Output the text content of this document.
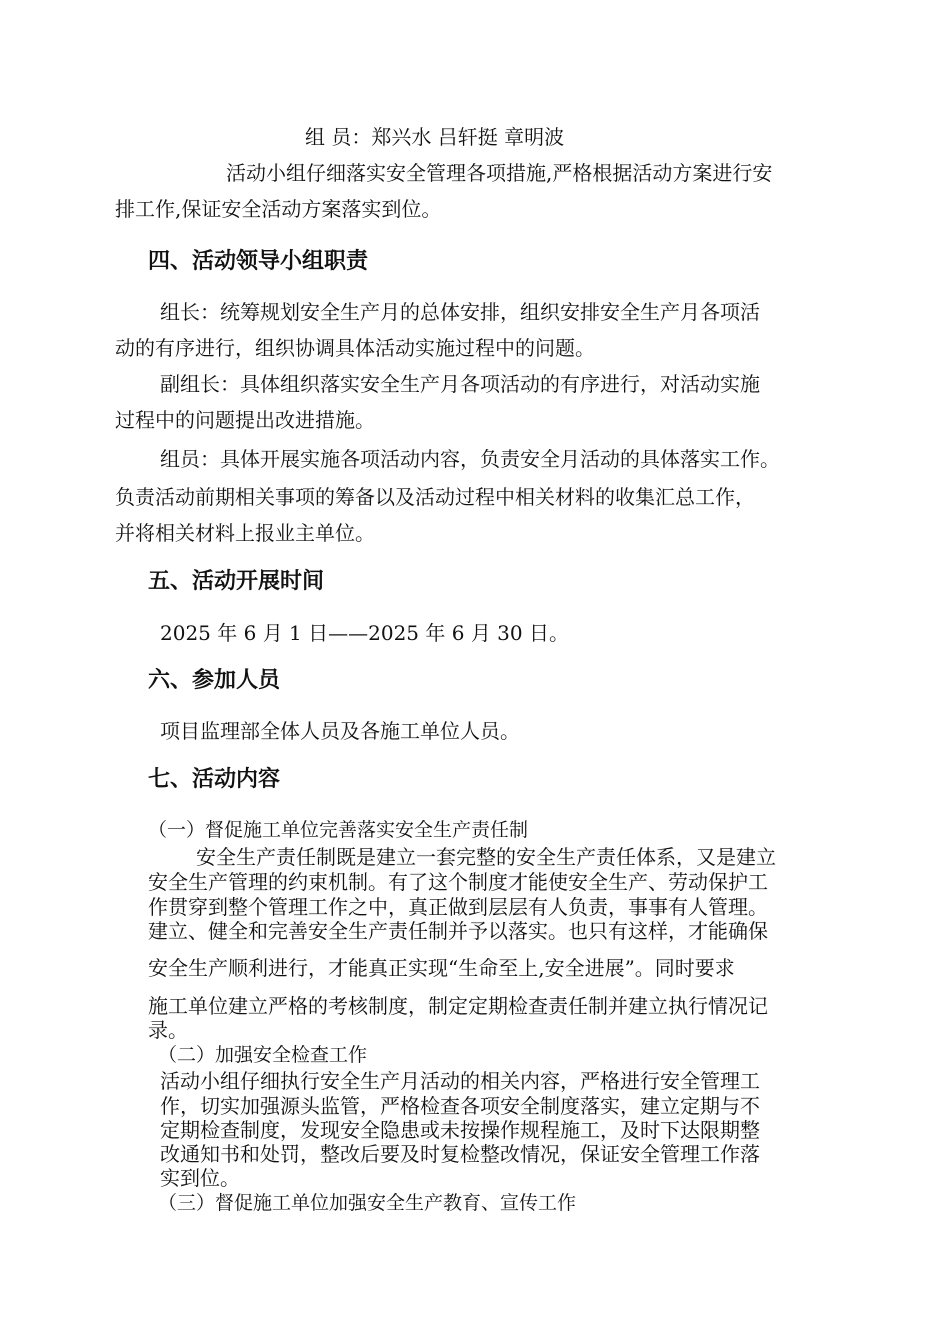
组 员：郑兴水 吕轩挺 章明波
活动小组仔细落实安全管理各项措施,严格根据活动方案进行安
排工作,保证安全活动方案落实到位。
四、活动领导小组职责
组长：统筹规划安全生产月的总体安排，组织安排安全生产月各项活
动的有序进行，组织协调具体活动实施过程中的问题。
副组长：具体组织落实安全生产月各项活动的有序进行，对活动实施
过程中的问题提出改进措施。
组员：具体开展实施各项活动内容，负责安全月活动的具体落实工作。
负责活动前期相关事项的筹备以及活动过程中相关材料的收集汇总工作，
并将相关材料上报业主单位。
五、活动开展时间
2025 年 6 月 1 日——2025 年 6 月 30 日。
六、参加人员
项目监理部全体人员及各施工单位人员。
七、活动内容
（一）督促施工单位完善落实安全生产责任制
安全生产责任制既是建立一套完整的安全生产责任体系，又是建立
安全生产管理的约束机制。有了这个制度才能使安全生产、劳动保护工
作贯穿到整个管理工作之中，真正做到层层有人负责，事事有人管理。
建立、健全和完善安全生产责任制并予以落实。也只有这样，才能确保
安全生产顺利进行，才能真正实现“生命至上,安全进展”。同时要求
施工单位建立严格的考核制度，制定定期检查责任制并建立执行情况记
录。
（二）加强安全检查工作
活动小组仔细执行安全生产月活动的相关内容，严格进行安全管理工
作，切实加强源头监管，严格检查各项安全制度落实，建立定期与不
定期检查制度，发现安全隐患或未按操作规程施工，及时下达限期整
改通知书和处罚，整改后要及时复检整改情况，保证安全管理工作落
实到位。
（三）督促施工单位加强安全生产教育、宣传工作
